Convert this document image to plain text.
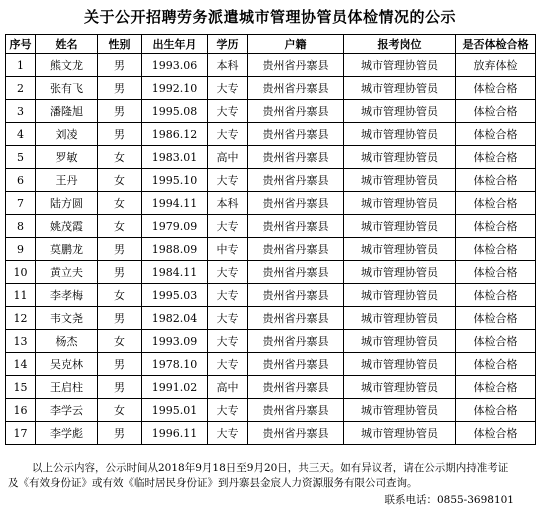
关于公开招聘劳务派遣城市管理协管员体检情况的公示
序号	姓名	性别	出生年月	学历	户籍	报考岗位	是否体检合格
1	熊文龙	男	1993.06	本科	贵州省丹寨县	城市管理协管员	放弃体检
2	张有飞	男	1992.10	大专	贵州省丹寨县	城市管理协管员	体检合格
3	潘隆旭	男	1995.08	大专	贵州省丹寨县	城市管理协管员	体检合格
4	刘凌	男	1986.12	大专	贵州省丹寨县	城市管理协管员	体检合格
5	罗敏	女	1983.01	高中	贵州省丹寨县	城市管理协管员	体检合格
6	王丹	女	1995.10	大专	贵州省丹寨县	城市管理协管员	体检合格
7	陆方圆	女	1994.11	本科	贵州省丹寨县	城市管理协管员	体检合格
8	姚茂霞	女	1979.09	大专	贵州省丹寨县	城市管理协管员	体检合格
9	莫鹏龙	男	1988.09	中专	贵州省丹寨县	城市管理协管员	体检合格
10	黄立夫	男	1984.11	大专	贵州省丹寨县	城市管理协管员	体检合格
11	李孝梅	女	1995.03	大专	贵州省丹寨县	城市管理协管员	体检合格
12	韦文尧	男	1982.04	大专	贵州省丹寨县	城市管理协管员	体检合格
13	杨杰	女	1993.09	大专	贵州省丹寨县	城市管理协管员	体检合格
14	吴克林	男	1978.10	大专	贵州省丹寨县	城市管理协管员	体检合格
15	王启柱	男	1991.02	高中	贵州省丹寨县	城市管理协管员	体检合格
16	李学云	女	1995.01	大专	贵州省丹寨县	城市管理协管员	体检合格
17	李学彪	男	1996.11	大专	贵州省丹寨县	城市管理协管员	体检合格
以上公示内容，公示时间从2018年9月18日至9月20日，共三天。如有异议者，请在公示期内持准考证
及《有效身份证》或有效《临时居民身份证》到丹寨县金宸人力资源服务有限公司查询。
联系电话：0855-3698101
